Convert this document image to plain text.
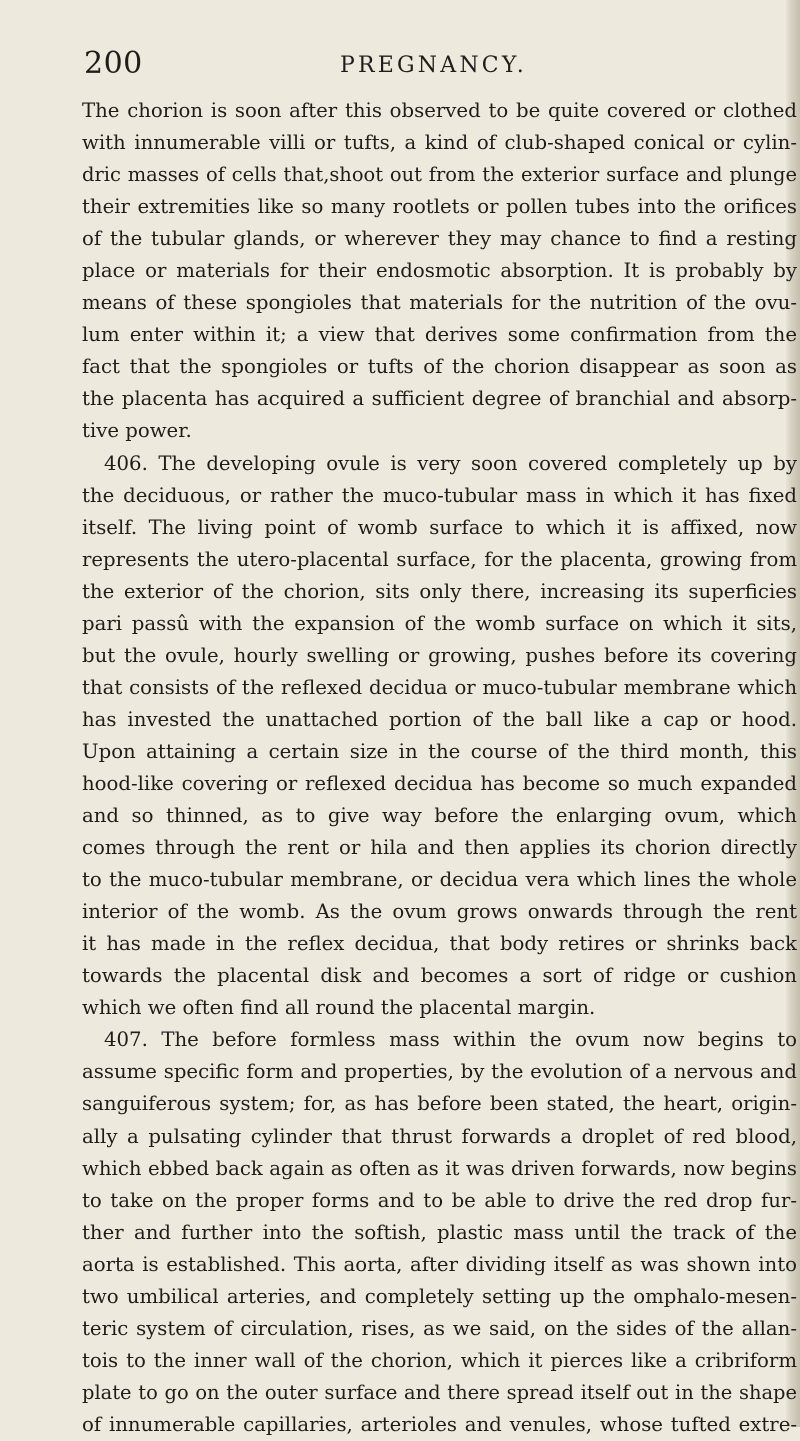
200	PREGNANCY.
The chorion is soon after this observed to be quite covered or clothed
with innumerable villi or tufts, a kind of club-shaped conical or cylin-
dric masses of cells that‚shoot out from the exterior surface and plunge
their extremities like so many rootlets or pollen tubes into the orifices
of the tubular glands, or wherever they may chance to find a resting
place or materials for their endosmotic absorption. It is probably by
means of these spongioles that materials for the nutrition of the ovu-
lum enter within it; a view that derives some confirmation from the
fact that the spongioles or tufts of the chorion disappear as soon as
the placenta has acquired a sufficient degree of branchial and absorp-
tive power.
406. The developing ovule is very soon covered completely up by
the deciduous, or rather the muco-tubular mass in which it has fixed
itself. The living point of womb surface to which it is affixed, now
represents the utero-placental surface, for the placenta, growing from
the exterior of the chorion, sits only there, increasing its superficies
pari passû with the expansion of the womb surface on which it sits,
but the ovule, hourly swelling or growing, pushes before its covering
that consists of the reflexed decidua or muco-tubular membrane which
has invested the unattached portion of the ball like a cap or hood.
Upon attaining a certain size in the course of the third month, this
hood-like covering or reflexed decidua has become so much expanded
and so thinned, as to give way before the enlarging ovum, which
comes through the rent or hila and then applies its chorion directly
to the muco-tubular membrane, or decidua vera which lines the whole
interior of the womb. As the ovum grows onwards through the rent
it has made in the reflex decidua, that body retires or shrinks back
towards the placental disk and becomes a sort of ridge or cushion
which we often find all round the placental margin.
407. The before formless mass within the ovum now begins to
assume specific form and properties, by the evolution of a nervous and
sanguiferous system; for, as has before been stated, the heart, origin-
ally a pulsating cylinder that thrust forwards a droplet of red blood,
which ebbed back again as often as it was driven forwards, now begins
to take on the proper forms and to be able to drive the red drop fur-
ther and further into the softish, plastic mass until the track of the
aorta is established. This aorta, after dividing itself as was shown into
two umbilical arteries, and completely setting up the omphalo-mesen-
teric system of circulation, rises, as we said, on the sides of the allan-
tois to the inner wall of the chorion, which it pierces like a cribriform
plate to go on the outer surface and there spread itself out in the shape
of innumerable capillaries, arterioles and venules, whose tufted extre-
